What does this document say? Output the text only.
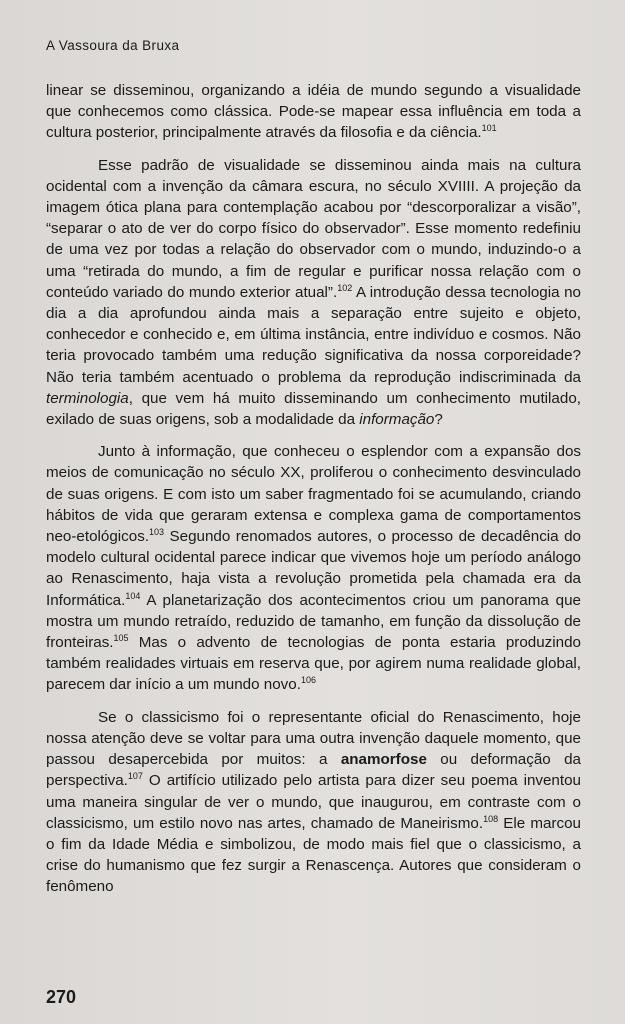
A Vassoura da Bruxa

linear se disseminou, organizando a idéia de mundo segundo a visualidade que conhecemos como clássica. Pode-se mapear essa influência em toda a cultura posterior, principalmente através da filosofia e da ciência.$^{101}$

Esse padrão de visualidade se disseminou ainda mais na cultura ocidental com a invenção da câmara escura, no século XVIIII. A projeção da imagem ótica plana para contemplação acabou por “descorporalizar a visão”, “separar o ato de ver do corpo físico do observador”. Esse momento redefiniu de uma vez por todas a relação do observador com o mundo, induzindo-o a uma “retirada do mundo, a fim de regular e purificar nossa relação com o conteúdo variado do mundo exterior atual”.$^{102}$ A introdução dessa tecnologia no dia a dia aprofundou ainda mais a separação entre sujeito e objeto, conhecedor e conhecido e, em última instância, entre indivíduo e cosmos. Não teria provocado também uma redução significativa da nossa corporeidade? Não teria também acentuado o problema da reprodução indiscriminada da terminologia, que vem há muito disseminando um conhecimento mutilado, exilado de suas origens, sob a modalidade da informação?

Junto à informação, que conheceu o esplendor com a expansão dos meios de comunicação no século XX, proliferou o conhecimento desvinculado de suas origens. E com isto um saber fragmentado foi se acumulando, criando hábitos de vida que geraram extensa e complexa gama de comportamentos neo-etológicos.$^{103}$ Segundo renomados autores, o processo de decadência do modelo cultural ocidental parece indicar que vivemos hoje um período análogo ao Renascimento, haja vista a revolução prometida pela chamada era da Informática.$^{104}$ A planetarização dos acontecimentos criou um panorama que mostra um mundo retraído, reduzido de tamanho, em função da dissolução de fronteiras.$^{105}$ Mas o advento de tecnologias de ponta estaria produzindo também realidades virtuais em reserva que, por agirem numa realidade global, parecem dar início a um mundo novo.$^{106}$

Se o classicismo foi o representante oficial do Renascimento, hoje nossa atenção deve se voltar para uma outra invenção daquele momento, que passou desapercebida por muitos: a anamorfose ou deformação da perspectiva.$^{107}$ O artifício utilizado pelo artista para dizer seu poema inventou uma maneira singular de ver o mundo, que inaugurou, em contraste com o classicismo, um estilo novo nas artes, chamado de Maneirismo.$^{108}$ Ele marcou o fim da Idade Média e simbolizou, de modo mais fiel que o classicismo, a crise do humanismo que fez surgir a Renascença. Autores que consideram o fenômeno

270
